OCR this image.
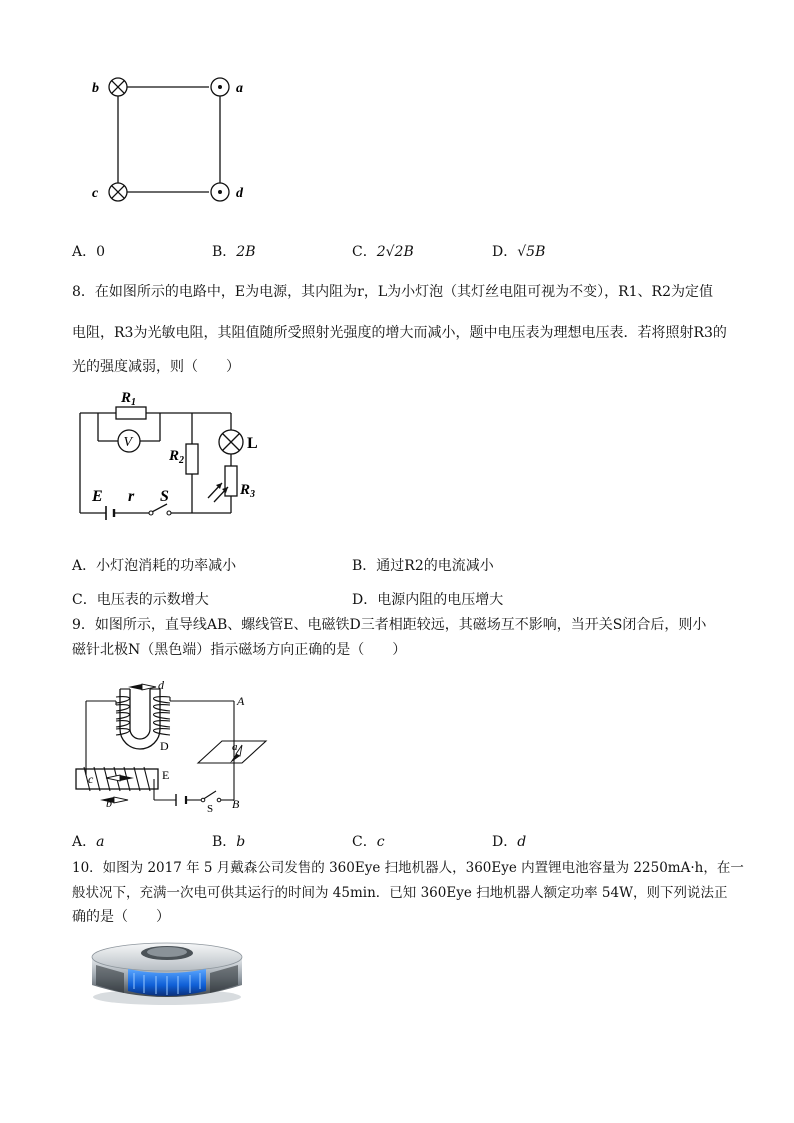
b	a
c	d
A．0	B．2B	C．2√2B	D．√5B
8．在如图所示的电路中，E为电源，其内阻为r，L为小灯泡（其灯丝电阻可视为不变），R1、R2为定值
电阻，R3为光敏电阻，其阻值随所受照射光强度的增大而减小，题中电压表为理想电压表．若将照射R3的
光的强度减弱，则（　　）
V
$R_1$
$R_2$
$R_3$
L
E r S
A．小灯泡消耗的功率减小	B．通过R2的电流减小
C．电压表的示数增大	D．电源内阻的电压增大
9．如图所示，直导线AB、螺线管E、电磁铁D三者相距较远，其磁场互不影响，当开关S闭合后，则小
磁针北极N（黑色端）指示磁场方向正确的是（　　）
d
D
A
B
E
c
b
a
S
A．a	B．b	C．c	D．d
10．如图为 2017 年 5 月戴森公司发售的 360Eye 扫地机器人，360Eye 内置锂电池容量为 2250mA·h，在一
般状况下，充满一次电可供其运行的时间为 45min．已知 360Eye 扫地机器人额定功率 54W，则下列说法正
确的是（　　）
